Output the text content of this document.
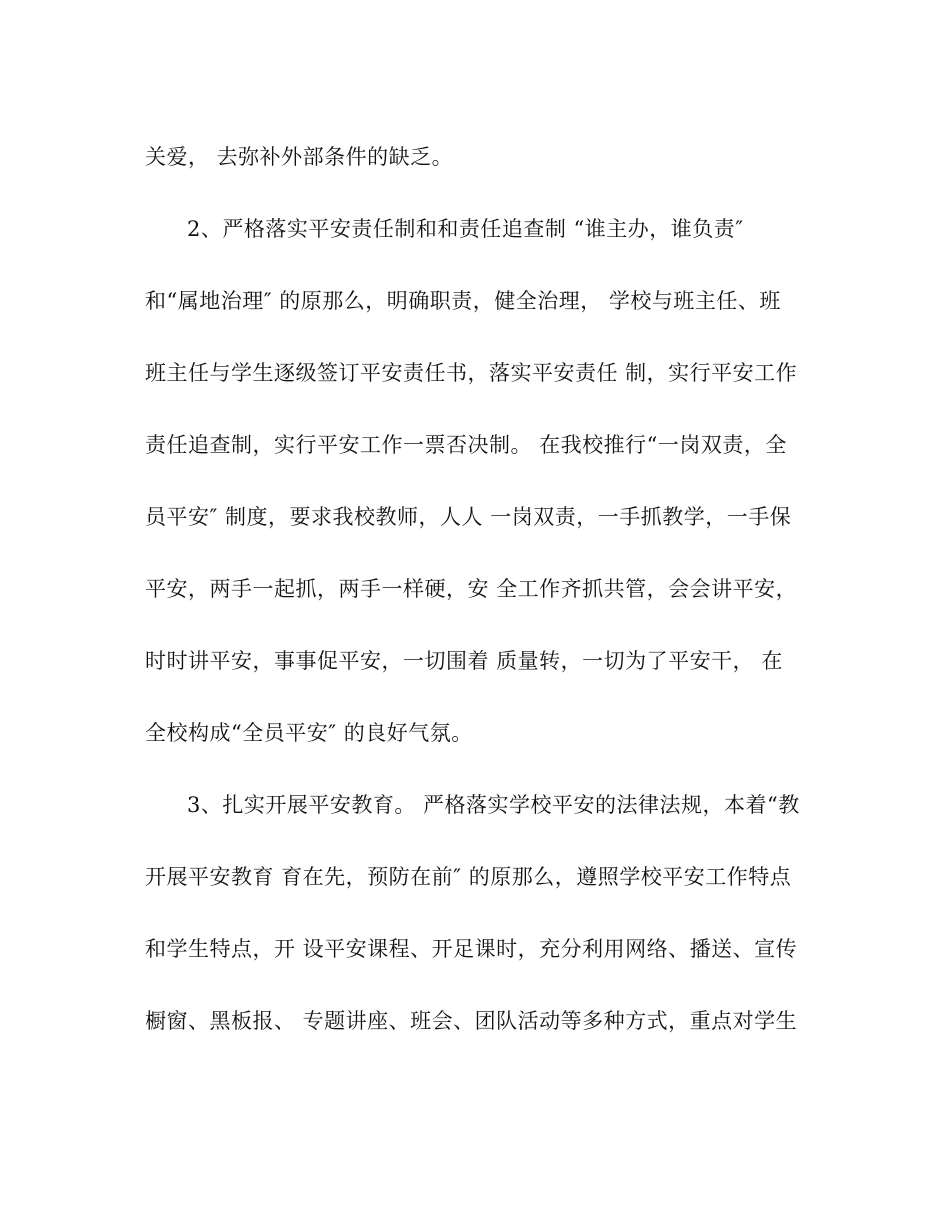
关爱， 去弥补外部条件的缺乏。
2、严格落实平安责任制和和责任追查制 “谁主办，谁负责″
和“属地治理″ 的原那么，明确职责，健全治理， 学校与班主任、班
班主任与学生逐级签订平安责任书，落实平安责任 制，实行平安工作
责任追查制，实行平安工作一票否决制。 在我校推行“一岗双责，全
员平安″ 制度，要求我校教师，人人 一岗双责，一手抓教学，一手保
平安，两手一起抓，两手一样硬，安 全工作齐抓共管，会会讲平安，
时时讲平安，事事促平安，一切围着 质量转，一切为了平安干， 在
全校构成“全员平安″ 的良好气氛。
3、扎实开展平安教育。 严格落实学校平安的法律法规，本着“教
开展平安教育 育在先，预防在前″ 的原那么，遵照学校平安工作特点
和学生特点，开 设平安课程、开足课时，充分利用网络、播送、宣传
橱窗、黑板报、 专题讲座、班会、团队活动等多种方式，重点对学生
